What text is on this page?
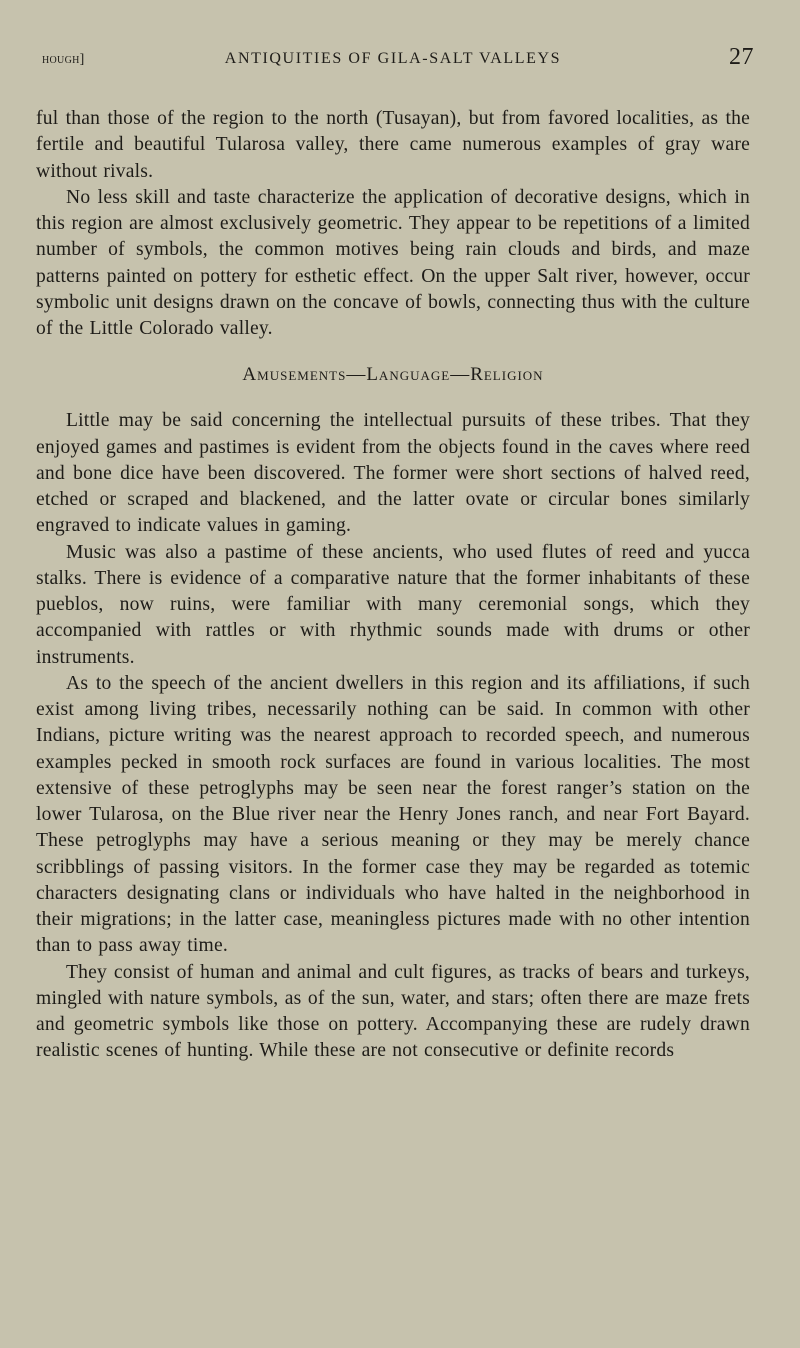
hough]	ANTIQUITIES OF GILA-SALT VALLEYS	27

ful than those of the region to the north (Tusayan), but from favored localities, as the fertile and beautiful Tularosa valley, there came numerous examples of gray ware without rivals.

No less skill and taste characterize the application of decorative designs, which in this region are almost exclusively geometric. They appear to be repetitions of a limited number of symbols, the common motives being rain clouds and birds, and maze patterns painted on pottery for esthetic effect. On the upper Salt river, however, occur symbolic unit designs drawn on the concave of bowls, connecting thus with the culture of the Little Colorado valley.

Amusements—Language—Religion

Little may be said concerning the intellectual pursuits of these tribes. That they enjoyed games and pastimes is evident from the objects found in the caves where reed and bone dice have been discovered. The former were short sections of halved reed, etched or scraped and blackened, and the latter ovate or circular bones similarly engraved to indicate values in gaming.

Music was also a pastime of these ancients, who used flutes of reed and yucca stalks. There is evidence of a comparative nature that the former inhabitants of these pueblos, now ruins, were familiar with many ceremonial songs, which they accompanied with rattles or with rhythmic sounds made with drums or other instruments.

As to the speech of the ancient dwellers in this region and its affiliations, if such exist among living tribes, necessarily nothing can be said. In common with other Indians, picture writing was the nearest approach to recorded speech, and numerous examples pecked in smooth rock surfaces are found in various localities. The most extensive of these petroglyphs may be seen near the forest ranger’s station on the lower Tularosa, on the Blue river near the Henry Jones ranch, and near Fort Bayard. These petroglyphs may have a serious meaning or they may be merely chance scribblings of passing visitors. In the former case they may be regarded as totemic characters designating clans or individuals who have halted in the neighborhood in their migrations; in the latter case, meaningless pictures made with no other intention than to pass away time.

They consist of human and animal and cult figures, as tracks of bears and turkeys, mingled with nature symbols, as of the sun, water, and stars; often there are maze frets and geometric symbols like those on pottery. Accompanying these are rudely drawn realistic scenes of hunting. While these are not consecutive or definite records
